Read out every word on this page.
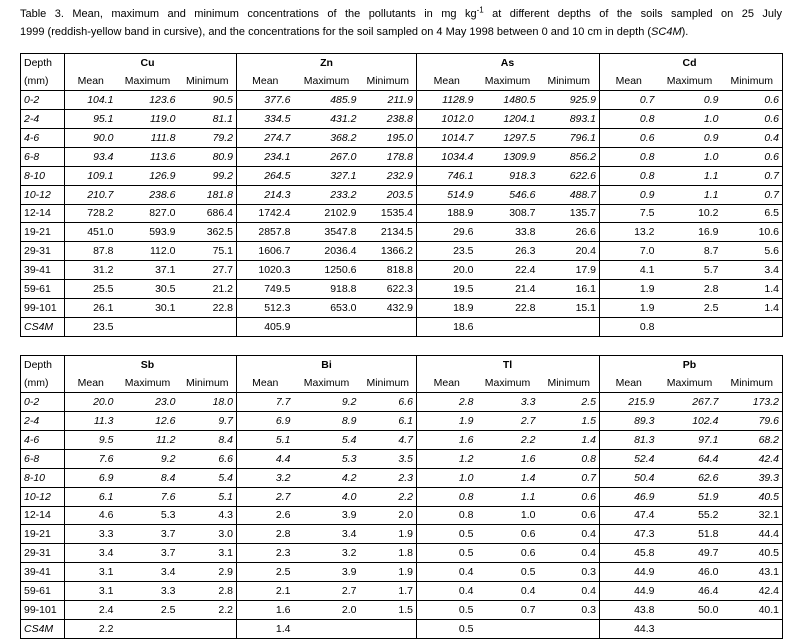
Table 3. Mean, maximum and minimum concentrations of the pollutants in mg $kg^{-1}$ at different depths of the soils sampled on 25 July
1999 (reddish-yellow band in cursive), and the concentrations for the soil sampled on 4 May 1998 between 0 and 10 cm in depth (SC4M).
Depth		Cu			Zn			As			Cd	
(mm)	Mean	Maximum	Minimum	Mean	Maximum	Minimum	Mean	Maximum	Minimum	Mean	Maximum	Minimum
0-2	104.1	123.6	90.5	377.6	485.9	211.9	1128.9	1480.5	925.9	0.7	0.9	0.6
2-4	95.1	119.0	81.1	334.5	431.2	238.8	1012.0	1204.1	893.1	0.8	1.0	0.6
4-6	90.0	111.8	79.2	274.7	368.2	195.0	1014.7	1297.5	796.1	0.6	0.9	0.4
6-8	93.4	113.6	80.9	234.1	267.0	178.8	1034.4	1309.9	856.2	0.8	1.0	0.6
8-10	109.1	126.9	99.2	264.5	327.1	232.9	746.1	918.3	622.6	0.8	1.1	0.7
10-12	210.7	238.6	181.8	214.3	233.2	203.5	514.9	546.6	488.7	0.9	1.1	0.7
12-14	728.2	827.0	686.4	1742.4	2102.9	1535.4	188.9	308.7	135.7	7.5	10.2	6.5
19-21	451.0	593.9	362.5	2857.8	3547.8	2134.5	29.6	33.8	26.6	13.2	16.9	10.6
29-31	87.8	112.0	75.1	1606.7	2036.4	1366.2	23.5	26.3	20.4	7.0	8.7	5.6
39-41	31.2	37.1	27.7	1020.3	1250.6	818.8	20.0	22.4	17.9	4.1	5.7	3.4
59-61	25.5	30.5	21.2	749.5	918.8	622.3	19.5	21.4	16.1	1.9	2.8	1.4
99-101	26.1	30.1	22.8	512.3	653.0	432.9	18.9	22.8	15.1	1.9	2.5	1.4
CS4M	23.5			405.9			18.6			0.8		

Depth		Sb			Bi			Tl			Pb	
(mm)	Mean	Maximum	Minimum	Mean	Maximum	Minimum	Mean	Maximum	Minimum	Mean	Maximum	Minimum
0-2	20.0	23.0	18.0	7.7	9.2	6.6	2.8	3.3	2.5	215.9	267.7	173.2
2-4	11.3	12.6	9.7	6.9	8.9	6.1	1.9	2.7	1.5	89.3	102.4	79.6
4-6	9.5	11.2	8.4	5.1	5.4	4.7	1.6	2.2	1.4	81.3	97.1	68.2
6-8	7.6	9.2	6.6	4.4	5.3	3.5	1.2	1.6	0.8	52.4	64.4	42.4
8-10	6.9	8.4	5.4	3.2	4.2	2.3	1.0	1.4	0.7	50.4	62.6	39.3
10-12	6.1	7.6	5.1	2.7	4.0	2.2	0.8	1.1	0.6	46.9	51.9	40.5
12-14	4.6	5.3	4.3	2.6	3.9	2.0	0.8	1.0	0.6	47.4	55.2	32.1
19-21	3.3	3.7	3.0	2.8	3.4	1.9	0.5	0.6	0.4	47.3	51.8	44.4
29-31	3.4	3.7	3.1	2.3	3.2	1.8	0.5	0.6	0.4	45.8	49.7	40.5
39-41	3.1	3.4	2.9	2.5	3.9	1.9	0.4	0.5	0.3	44.9	46.0	43.1
59-61	3.1	3.3	2.8	2.1	2.7	1.7	0.4	0.4	0.4	44.9	46.4	42.4
99-101	2.4	2.5	2.2	1.6	2.0	1.5	0.5	0.7	0.3	43.8	50.0	40.1
CS4M	2.2			1.4			0.5			44.3		
